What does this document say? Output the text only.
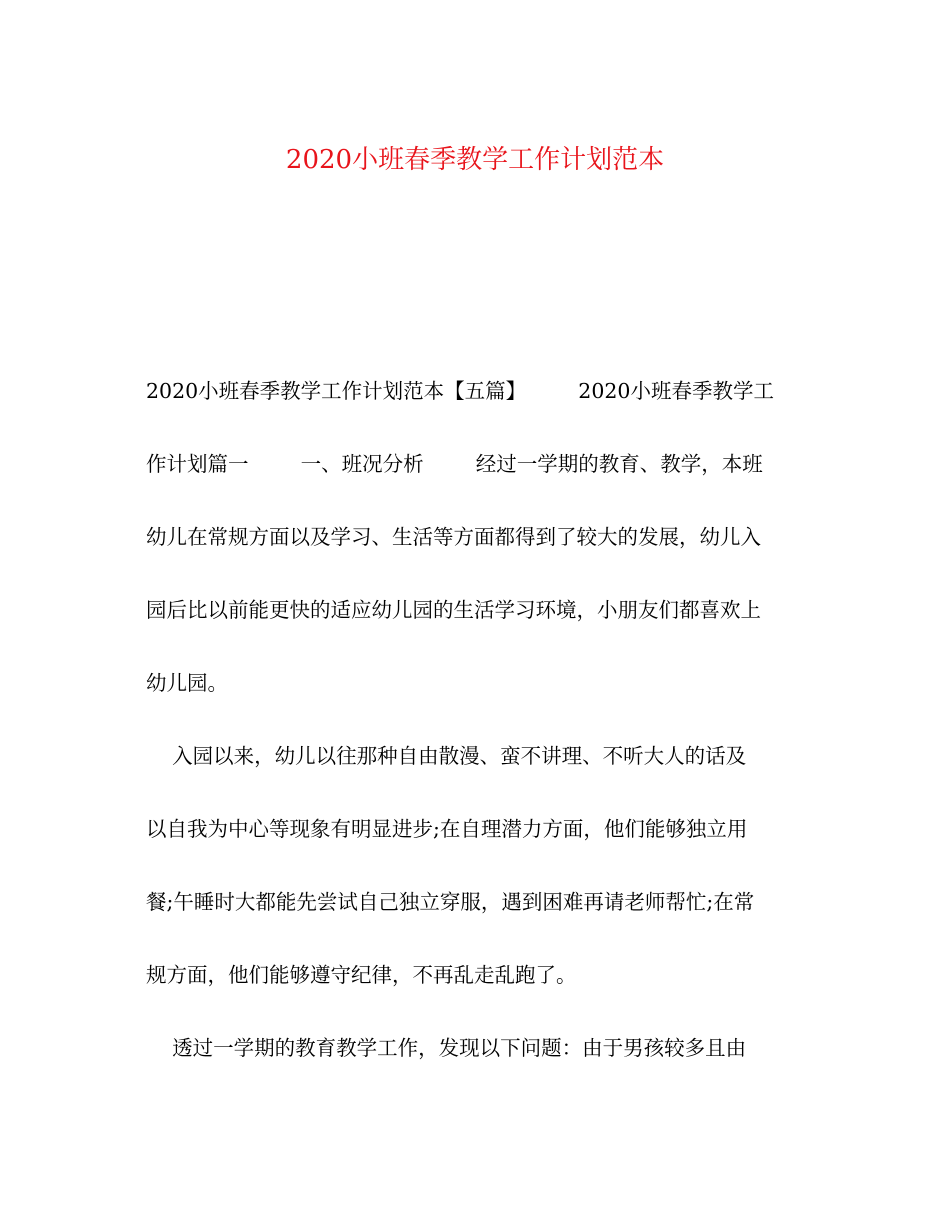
2020小班春季教学工作计划范本
2020小班春季教学工作计划范本【五篇】        2020小班春季教学工
作计划篇一        一、班况分析        经过一学期的教育、教学，本班
幼儿在常规方面以及学习、生活等方面都得到了较大的发展，幼儿入
园后比以前能更快的适应幼儿园的生活学习环境，小朋友们都喜欢上
幼儿园。
入园以来，幼儿以往那种自由散漫、蛮不讲理、不听大人的话及
以自我为中心等现象有明显进步;在自理潜力方面，他们能够独立用
餐;午睡时大都能先尝试自己独立穿服，遇到困难再请老师帮忙;在常
规方面，他们能够遵守纪律，不再乱走乱跑了。
透过一学期的教育教学工作，发现以下问题：由于男孩较多且由
